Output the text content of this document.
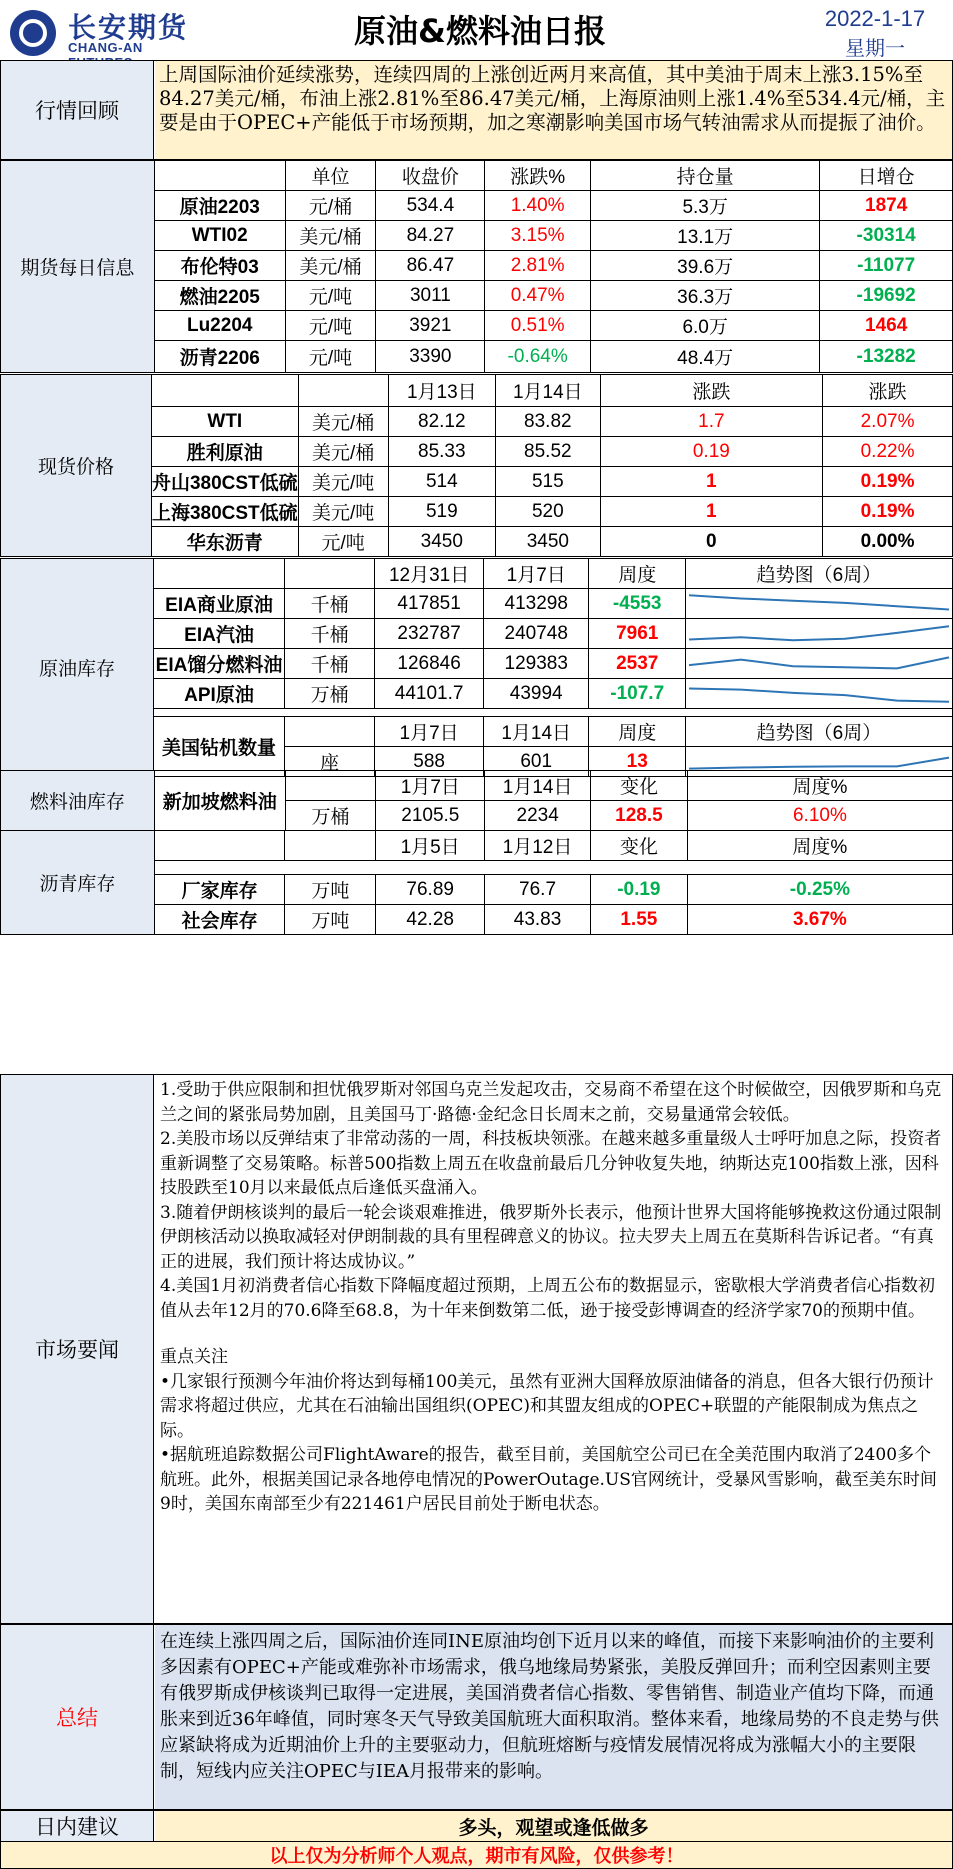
长安期货
CHANG-AN	原油&燃料油日报	2022-1-17
星期一
行情回顾
上周国际油价延续涨势，连续四周的上涨创近两月来高值，其中美油于周末上涨3.15%至84.27美元/桶，布油上涨2.81%至86.47美元/桶，上海原油则上涨1.4%至534.4元/桶，主要是由于OPEC+产能低于市场预期，加之寒潮影响美国市场气转油需求从而提振了油价。
期货每日信息		单位	收盘价	涨跌%	持仓量	日增仓
	原油2203	元/桶	534.4	1.40%	5.3万	1874
	WTI02	美元/桶	84.27	3.15%	13.1万	-30314
	布伦特03	美元/桶	86.47	2.81%	39.6万	-11077
	燃油2205	元/吨	3011	0.47%	36.3万	-19692
	Lu2204	元/吨	3921	0.51%	6.0万	1464
	沥青2206	元/吨	3390	-0.64%	48.4万	-13282
现货价格			1月13日	1月14日	涨跌	涨跌
	WTI	美元/桶	82.12	83.82	1.7	2.07%
	胜利原油	美元/桶	85.33	85.52	0.19	0.22%
	舟山380CST低硫	美元/吨	514	515	1	0.19%
	上海380CST低硫	美元/吨	519	520	1	0.19%
	华东沥青	元/吨	3450	3450	0	0.00%
原油库存			12月31日	1月7日	周度	趋势图（6周）
	EIA商业原油	千桶	417851	413298	-4553	

	EIA汽油	千桶	232787	240748	7961	

	EIA馏分燃料油	千桶	126846	129383	2537	

	API原油	万桶	44101.7	43994	-107.7	

	美国钻机数量		1月7日	1月14日	周度	趋势图（6周）
		座	588	601	13	
燃料油库存	新加坡燃料油		1月7日	1月14日	变化	周度%
		万桶	2105.5	2234	128.5	6.10%
沥青库存			1月5日	1月12日	变化	周度%

	厂家库存	万吨	76.89	76.7	-0.19	-0.25%
	社会库存	万吨	42.28	43.83	1.55	3.67%
市场要闻

1.受助于供应限制和担忧俄罗斯对邻国乌克兰发起攻击，交易商不希望在这个时候做空，因俄罗斯和乌克兰之间的紧张局势加剧，且美国马丁·路德·金纪念日长周末之前，交易量通常会较低。

2.美股市场以反弹结束了非常动荡的一周，科技板块领涨。在越来越多重量级人士呼吁加息之际，投资者重新调整了交易策略。标普500指数上周五在收盘前最后几分钟收复失地，纳斯达克100指数上涨，因科技股跌至10月以来最低点后逢低买盘涌入。

3.随着伊朗核谈判的最后一轮会谈艰难推进，俄罗斯外长表示，他预计世界大国将能够挽救这份通过限制伊朗核活动以换取减轻对伊朗制裁的具有里程碑意义的协议。拉夫罗夫上周五在莫斯科告诉记者。“有真正的进展，我们预计将达成协议。”

4.美国1月初消费者信心指数下降幅度超过预期，上周五公布的数据显示，密歇根大学消费者信心指数初值从去年12月的70.6降至68.8，为十年来倒数第二低，逊于接受彭博调查的经济学家70的预期中值。

重点关注

•几家银行预测今年油价将达到每桶100美元，虽然有亚洲大国释放原油储备的消息，但各大银行仍预计需求将超过供应，尤其在石油输出国组织(OPEC)和其盟友组成的OPEC+联盟的产能限制成为焦点之际。

•据航班追踪数据公司FlightAware的报告，截至目前，美国航空公司已在全美范围内取消了2400多个航班。此外，根据美国记录各地停电情况的PowerOutage.US官网统计，受暴风雪影响，截至美东时间9时，美国东南部至少有221461户居民目前处于断电状态。

总结
在连续上涨四周之后，国际油价连同INE原油均创下近月以来的峰值，而接下来影响油价的主要利多因素有OPEC+产能或难弥补市场需求，俄乌地缘局势紧张，美股反弹回升；而利空因素则主要有俄罗斯成伊核谈判已取得一定进展，美国消费者信心指数、零售销售、制造业产值均下降，而通胀来到近36年峰值，同时寒冬天气导致美国航班大面积取消。整体来看，地缘局势的不良走势与供应紧缺将成为近期油价上升的主要驱动力，但航班熔断与疫情发展情况将成为涨幅大小的主要限制，短线内应关注OPEC与IEA月报带来的影响。
日内建议	多头，观望或逢低做多
以上仅为分析师个人观点，期市有风险，仅供参考！
